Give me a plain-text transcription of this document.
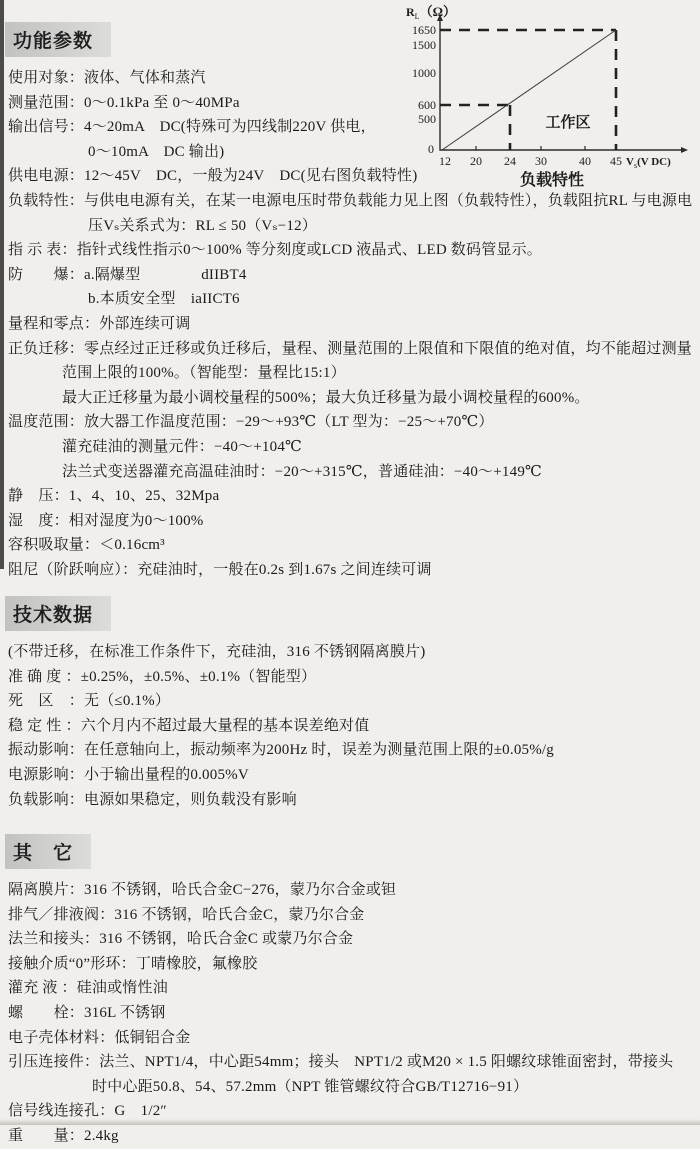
RL（Ω）
1650
1500
1000
600
500
0
12 20 24 30	40 45 Vs(V DC)
工作区
负载特性
功能参数
使用对象：液体、气体和蒸汽
测量范围：0～0.1kPa 至 0～40MPa
输出信号：4～20mA　DC(特殊可为四线制220V 供电，
0～10mA　DC 输出)
供电电源：12～45V　DC，一般为24V　DC(见右图负载特性)
负载特性：与供电电源有关，在某一电源电压时带负载能力见上图（负载特性），负载阻抗RL 与电源电
压Vₛ关系式为：RL ≤ 50（Vₛ−12）
指 示 表：指针式线性指示0～100% 等分刻度或LCD 液晶式、LED 数码管显示。
防　　爆：a.隔爆型　　　　dIIBT4
b.本质安全型　iaIICT6
量程和零点：外部连续可调
正负迁移：零点经过正迁移或负迁移后，量程、测量范围的上限值和下限值的绝对值，均不能超过测量
范围上限的100%。（智能型：量程比15:1）
最大正迁移量为最小调校量程的500%；最大负迁移量为最小调校量程的600%。
温度范围：放大器工作温度范围：−29～+93℃（LT 型为：−25～+70℃）
灌充硅油的测量元件：−40～+104℃
法兰式变送器灌充高温硅油时：−20～+315℃，普通硅油：−40～+149℃
静　压：1、4、10、25、32Mpa
湿　度：相对湿度为0～100%
容积吸取量：＜0.16cm³
阻尼（阶跃响应）：充硅油时，一般在0.2s 到1.67s 之间连续可调
技术数据
(不带迁移，在标准工作条件下，充硅油，316 不锈钢隔离膜片)
准 确 度 ：±0.25%，±0.5%、±0.1%（智能型）
死　区　：无（≤0.1%）
稳 定 性 ：六个月内不超过最大量程的基本误差绝对值
振动影响：在任意轴向上，振动频率为200Hz 时，误差为测量范围上限的±0.05%/g
电源影响：小于输出量程的0.005%V
负载影响：电源如果稳定，则负载没有影响
其　它
隔离膜片：316 不锈钢，哈氏合金C−276，蒙乃尔合金或钽
排气／排液阀：316 不锈钢，哈氏合金C，蒙乃尔合金
法兰和接头：316 不锈钢，哈氏合金C 或蒙乃尔合金
接触介质“0”形环：丁晴橡胶，氟橡胶
灌充 液 ：硅油或惰性油
螺　　栓：316L 不锈钢
电子壳体材料：低铜铝合金
引压连接件：法兰、NPT1/4，中心距54mm；接头　NPT1/2 或M20 × 1.5 阳螺纹球锥面密封，带接头
时中心距50.8、54、57.2mm（NPT 锥管螺纹符合GB/T12716−91）
信号线连接孔：G　1/2″
重　　量：2.4kg
